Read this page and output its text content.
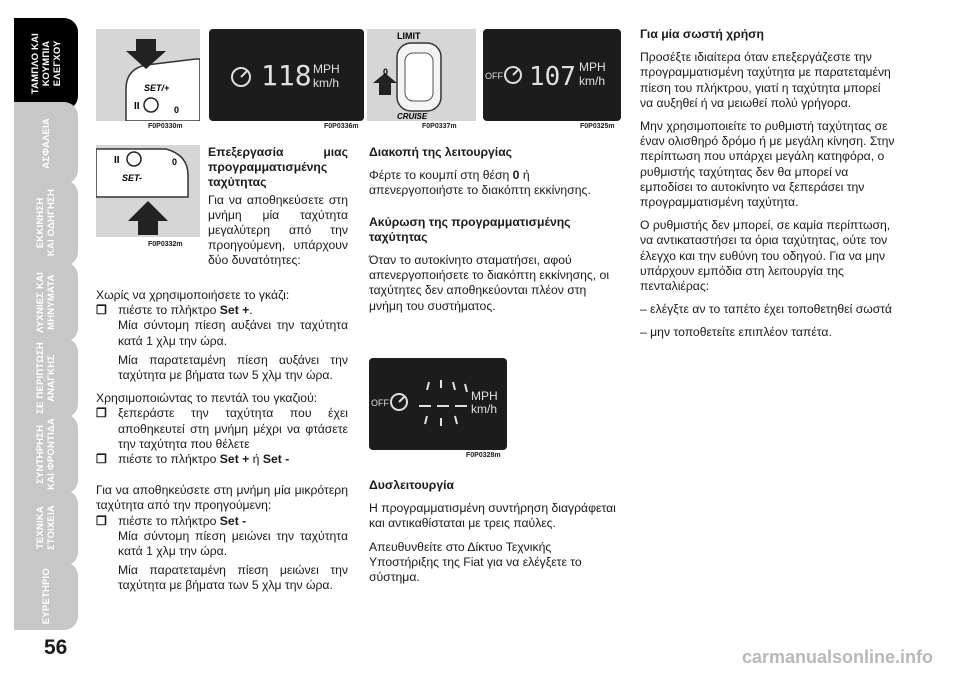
ΤΑΜΠΛΟ ΚΑΙ
ΚΟΥΜΠΙΑ
ΕΛΕΓΧΟΥ
ΑΣΦΑΛΕΙΑ
ΕΚΚΙΝΗΣΗ
ΚΑΙ ΟΔΗΓΗΣΗ
ΛΥΧΝΙΕΣ ΚΑΙ
ΜΗΝΥΜΑΤΑ
ΣΕ ΠΕΡΙΠΤΩΣΗ
ΑΝΑΓΚΗΣ
ΣΥΝΤΗΡΗΣΗ
ΚΑΙ ΦΡΟΝΤΙΔΑ
ΤΕΧΝΙΚΑ
ΣΤΟΙΧΕΙΑ
ΕΥΡΕΤΗΡΙΟ
56
II	0
SET/+
F0P0330m
118 MPH
km/h
F0P0336m
LIMIT
CRUISE
0
F0P0337m
OFF 107 MPH
km/h
F0P0325m
II	0
SET-
F0P0332m
OFF	MPH
km/h
F0P0328m

Επεξεργασία μιας προγραμματισμένης ταχύτητας

Για να αποθηκεύσετε στη μνήμη μία ταχύτητα μεγαλύτερη από την προηγούμενη, υπάρχουν δύο δυνατότητες:

Χωρίς να χρησιμοποιήσετε το γκάζι:

❒ πιέστε το πλήκτρο Set +.

Μία σύντομη πίεση αυξάνει την ταχύτητα κατά 1 χλμ την ώρα.

Μία παρατεταμένη πίεση αυξάνει την ταχύτητα με βήματα των 5 χλμ την ώρα.

Χρησιμοποιώντας το πεντάλ του γκαζιού:

❒ ξεπεράστε την ταχύτητα που έχει αποθηκευτεί στη μνήμη μέχρι να φτάσετε την ταχύτητα που θέλετε

❒ πιέστε το πλήκτρο Set + ή Set -

Για να αποθηκεύσετε στη μνήμη μία μικρότερη ταχύτητα από την προηγούμενη:

❒ πιέστε το πλήκτρο Set -

Μία σύντομη πίεση μειώνει την ταχύτητα κατά 1 χλμ την ώρα.

Μία παρατεταμένη πίεση μειώνει την ταχύτητα με βήματα των 5 χλμ την ώρα.

Διακοπή της λειτουργίας

Φέρτε το κουμπί στη θέση 0 ή απενεργοποιήστε το διακόπτη εκκίνησης.

Ακύρωση της προγραμματισμένης ταχύτητας

Όταν το αυτοκίνητο σταματήσει, αφού απενεργοποιήσετε το διακόπτη εκκίνησης, οι ταχύτητες δεν αποθηκεύονται πλέον στη μνήμη του συστήματος.

Δυσλειτουργία

Η προγραμματισμένη συντήρηση διαγράφεται και αντικαθίσταται με τρεις παύλες.

Απευθυνθείτε στο Δίκτυο Τεχνικής Υποστήριξης της Fiat για να ελέγξετε το σύστημα.

Για μία σωστή χρήση

Προσέξτε ιδιαίτερα όταν επεξεργάζεστε την προγραμματισμένη ταχύτητα με παρατεταμένη πίεση του πλήκτρου, γιατί η ταχύτητα μπορεί να αυξηθεί ή να μειωθεί πολύ γρήγορα.

Μην χρησιμοποιείτε το ρυθμιστή ταχύτητας σε έναν ολισθηρό δρόμο ή με μεγάλη κίνηση. Στην περίπτωση που υπάρχει μεγάλη κατηφόρα, ο ρυθμιστής ταχύτητας δεν θα μπορεί να εμποδίσει το αυτοκίνητο να ξεπεράσει την προγραμματισμένη ταχύτητα.

Ο ρυθμιστής δεν μπορεί, σε καμία περίπτωση, να αντικαταστήσει τα όρια ταχύτητας, ούτε τον έλεγχο και την ευθύνη του οδηγού. Για να μην υπάρχουν εμπόδια στη λειτουργία της πενταλιέρας:

– ελέγξτε αν το ταπέτο έχει τοποθετηθεί σωστά

– μην τοποθετείτε επιπλέον ταπέτα.

carmanualsonline.info
